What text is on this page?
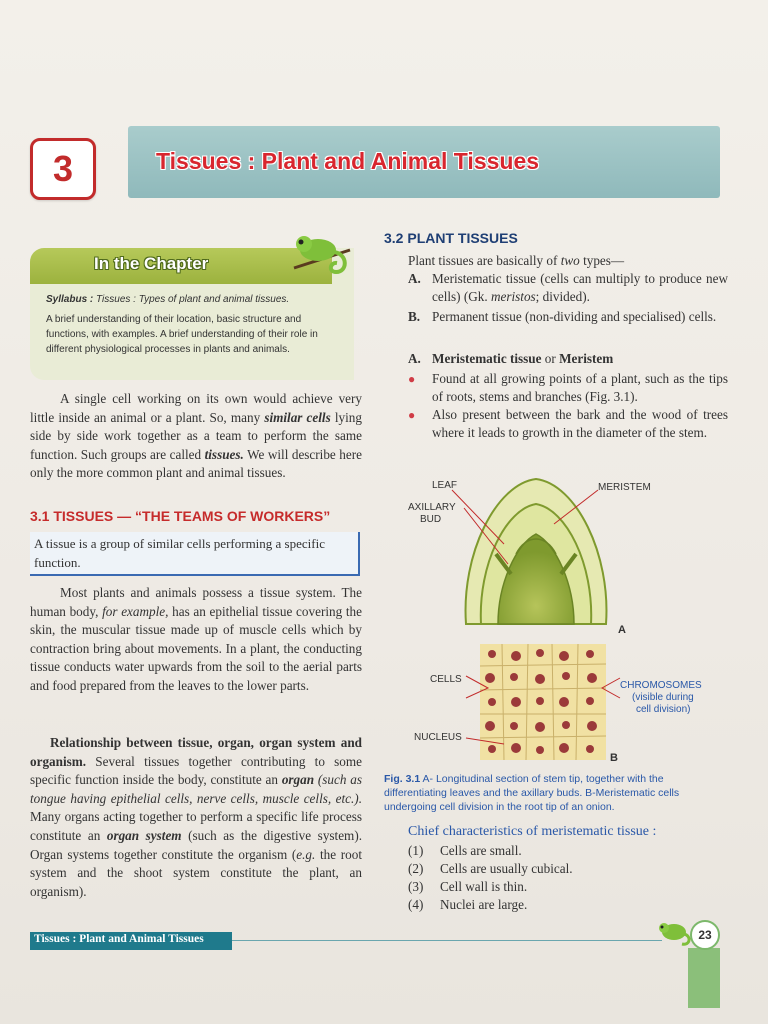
3	Tissues : Plant and Animal Tissues
In the Chapter

Syllabus : Tissues : Types of plant and animal tissues.

A brief understanding of their location, basic structure and functions, with examples. A brief understanding of their role in different physiological processes in plants and animals.

A single cell working on its own would achieve very little inside an animal or a plant. So, many similar cells lying side by side work together as a team to perform the same function. Such groups are called tissues. We will describe here only the more common plant and animal tissues.
3.1 TISSUES — “THE TEAMS OF WORKERS”
A tissue is a group of similar cells performing a specific function.
Most plants and animals possess a tissue system. The human body, for example, has an epithelial tissue covering the skin, the muscular tissue made up of muscle cells which by contraction bring about movements. In a plant, the conducting tissue conducts water upwards from the soil to the aerial parts and food prepared from the leaves to the lower parts.
Relationship between tissue, organ, organ system and organism. Several tissues together contributing to some specific function inside the body, constitute an organ (such as tongue having epithelial cells, nerve cells, muscle cells, etc.). Many organs acting together to perform a specific life process constitute an organ system (such as the digestive system). Organ systems together constitute the organism (e.g. the root system and the shoot system constitute the plant, an organism).
3.2 PLANT TISSUES
Plant tissues are basically of two types—
A. Meristematic tissue (cells can multiply to produce new cells) (Gk. meristos; divided).
B. Permanent tissue (non-dividing and specialised) cells.
A. Meristematic tissue or Meristem
● Found at all growing points of a plant, such as the tips of roots, stems and branches (Fig. 3.1).
● Also present between the bark and the wood of trees where it leads to growth in the diameter of the stem.
LEAF
AXILLARY
BUD
MERISTEM
A
CELLS
CHROMOSOMES
(visible during
cell division)
NUCLEUS
B
Fig. 3.1 A- Longitudinal section of stem tip, together with the differentiating leaves and the axillary buds. B-Meristematic cells undergoing cell division in the root tip of an onion.
Chief characteristics of meristematic tissue :
(1) Cells are small.
(2) Cells are usually cubical.
(3) Cell wall is thin.
(4) Nuclei are large.
Tissues : Plant and Animal Tissues	23
